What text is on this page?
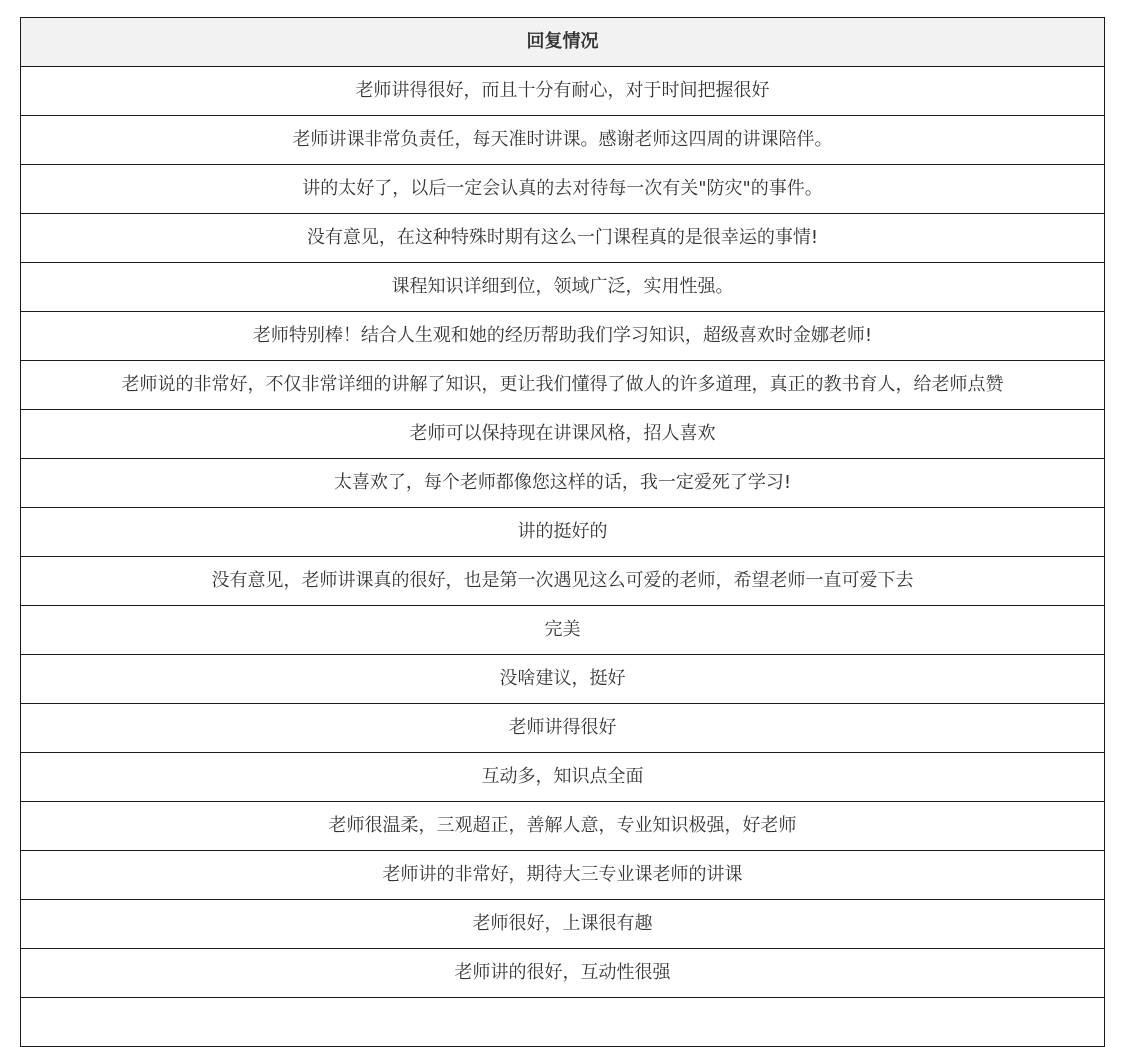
回复情况
老师讲得很好，而且十分有耐心，对于时间把握很好
老师讲课非常负责任，每天准时讲课。感谢老师这四周的讲课陪伴。
讲的太好了，以后一定会认真的去对待每一次有关"防灾"的事件。
没有意见，在这种特殊时期有这么一门课程真的是很幸运的事情!
课程知识详细到位，领域广泛，实用性强。
老师特别棒！结合人生观和她的经历帮助我们学习知识，超级喜欢时金娜老师!
老师说的非常好，不仅非常详细的讲解了知识，更让我们懂得了做人的许多道理，真正的教书育人，给老师点赞
老师可以保持现在讲课风格，招人喜欢
太喜欢了，每个老师都像您这样的话，我一定爱死了学习!
讲的挺好的
没有意见，老师讲课真的很好，也是第一次遇见这么可爱的老师，希望老师一直可爱下去
完美
没啥建议，挺好
老师讲得很好
互动多，知识点全面
老师很温柔，三观超正，善解人意，专业知识极强，好老师
老师讲的非常好，期待大三专业课老师的讲课
老师很好，上课很有趣
老师讲的很好，互动性很强
